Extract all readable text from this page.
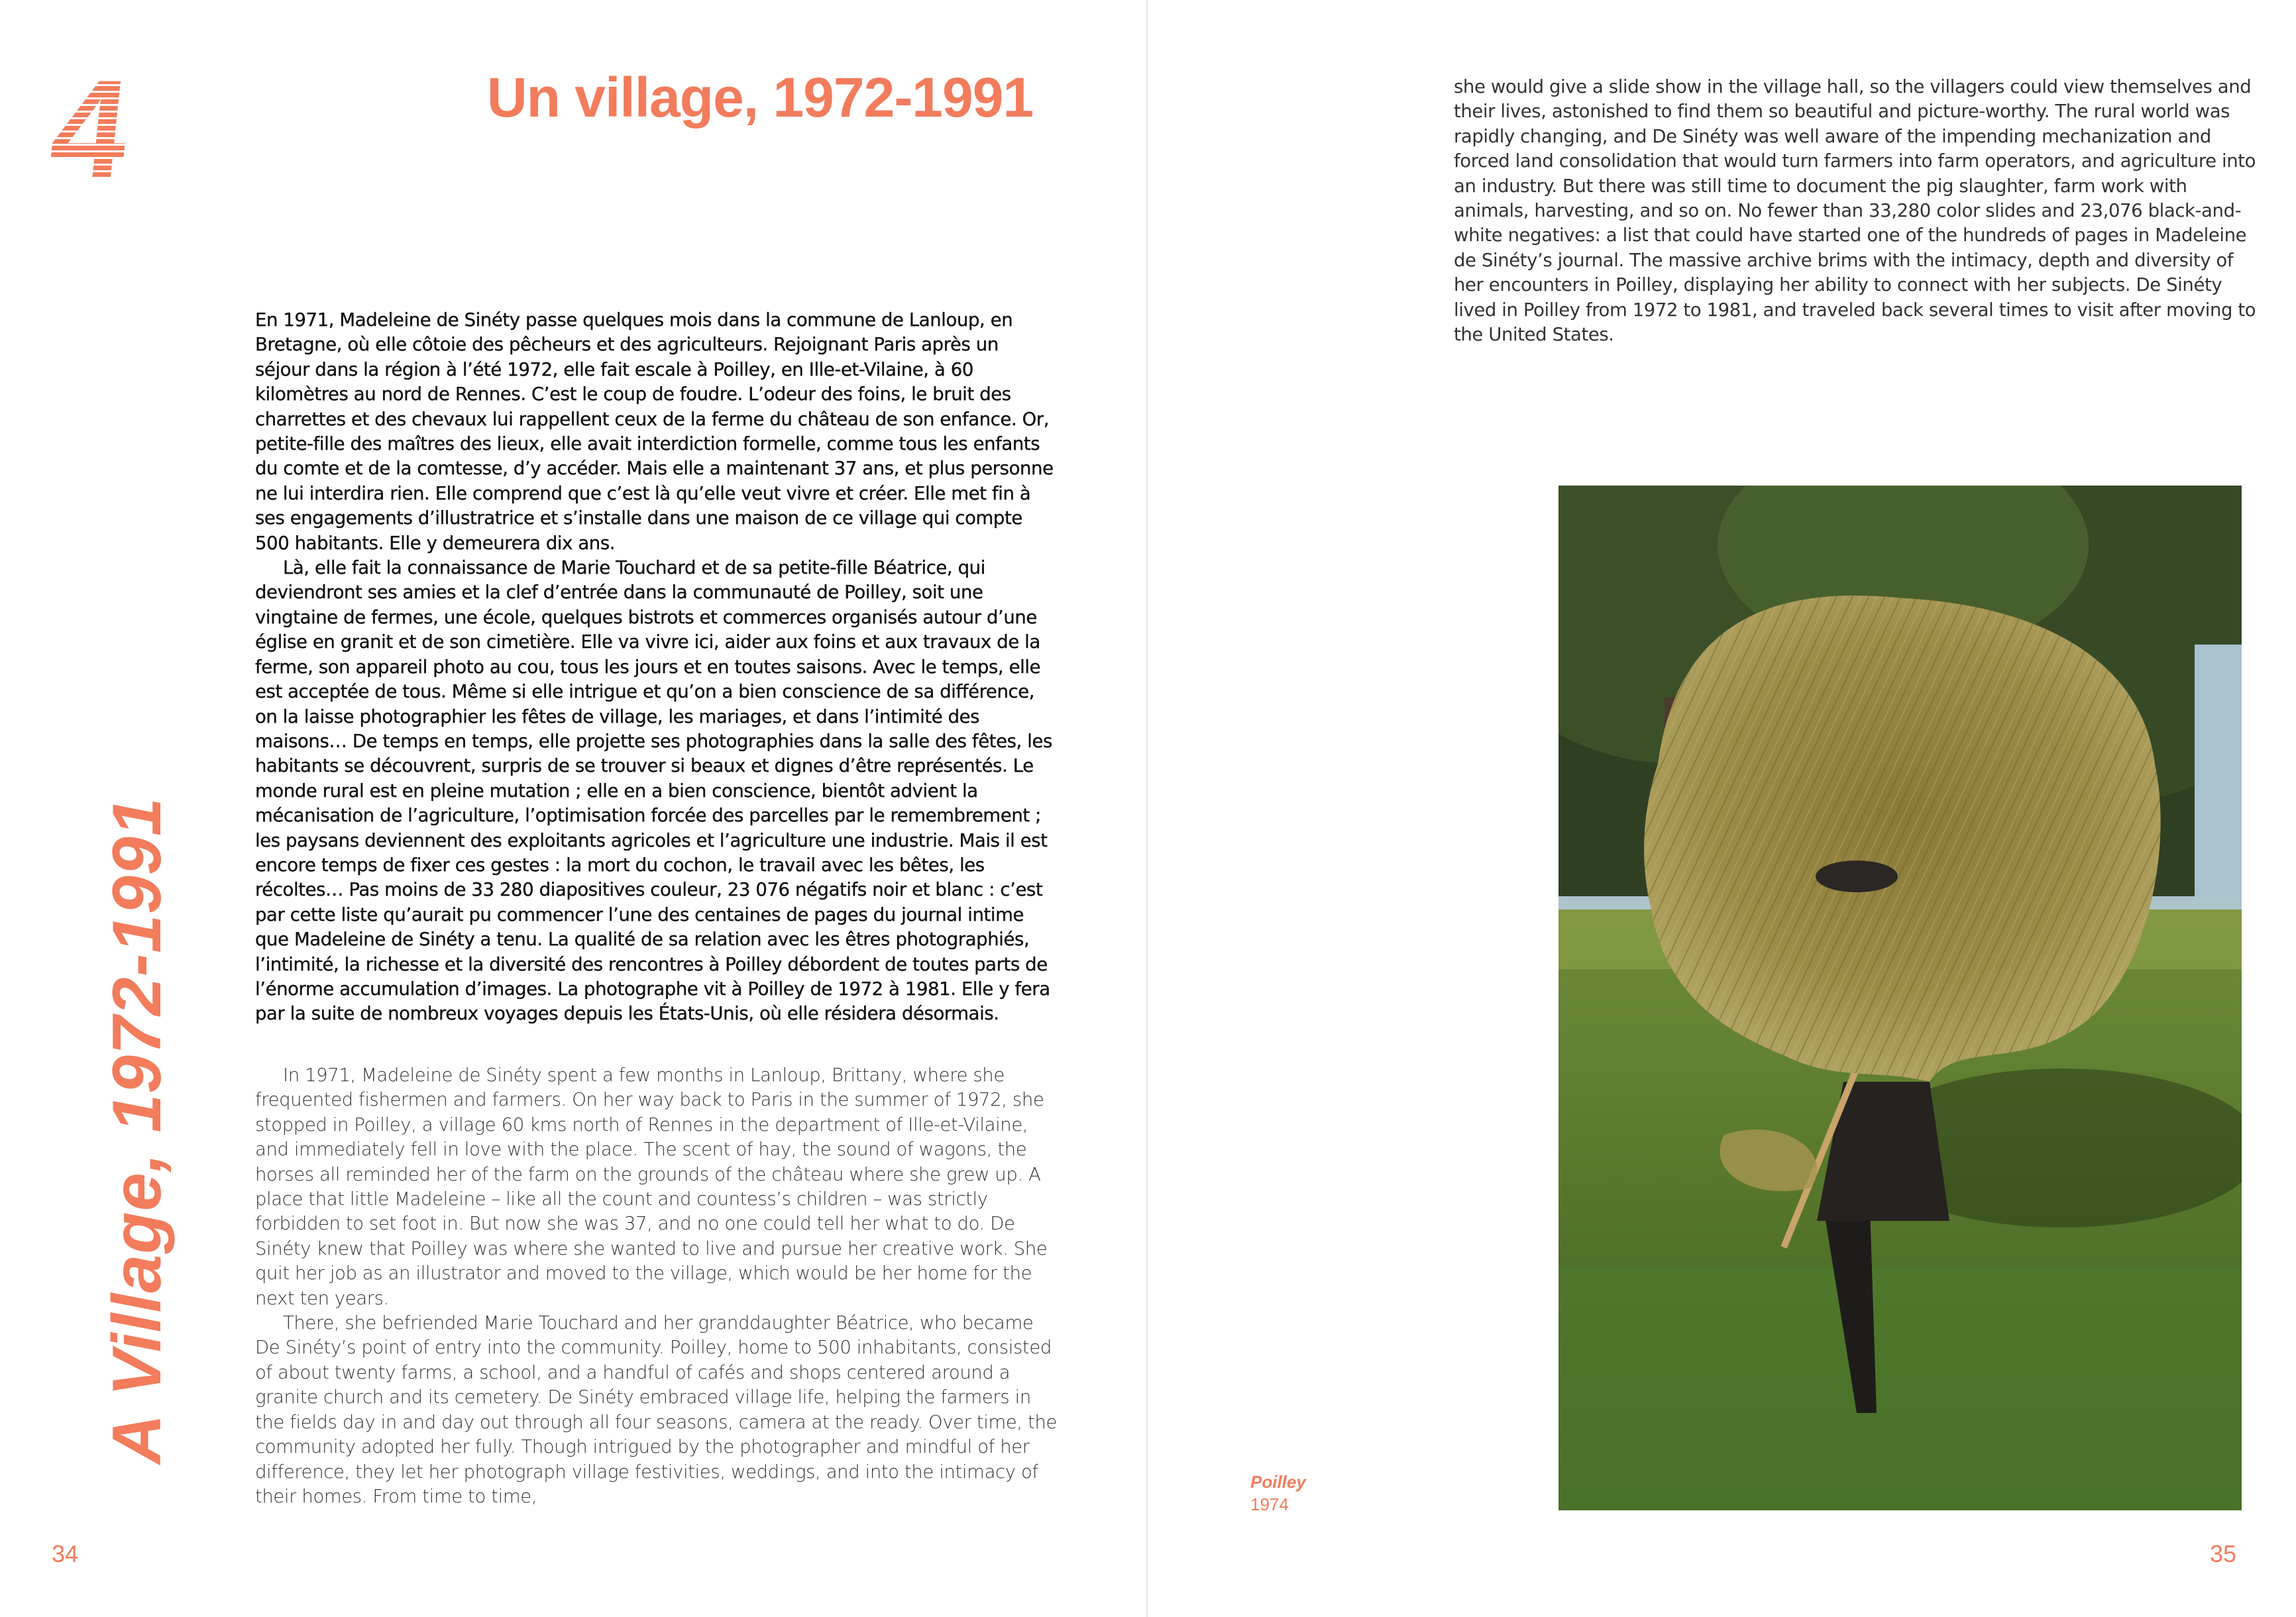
4	Un village, 1972-1991
A Village, 1972-1991

En 1971, Madeleine de Sinéty passe quelques mois dans la commune de Lanloup, en Bretagne, où elle côtoie des pêcheurs et des agriculteurs. Rejoignant Paris après un séjour dans la région à l’été 1972, elle fait escale à Poilley, en Ille-et-Vilaine, à 60 kilomètres au nord de Rennes. C’est le coup de foudre. L’odeur des foins, le bruit des charrettes et des chevaux lui rappellent ceux de la ferme du château de son enfance. Or, petite-fille des maîtres des lieux, elle avait interdiction formelle, comme tous les enfants du comte et de la comtesse, d’y accéder. Mais elle a maintenant 37 ans, et plus personne ne lui interdira rien. Elle comprend que c’est là qu’elle veut vivre et créer. Elle met fin à ses engagements d’illustratrice et s’installe dans une maison de ce village qui compte 500 habitants. Elle y demeurera dix ans.

Là, elle fait la connaissance de Marie Touchard et de sa petite-fille Béatrice, qui deviendront ses amies et la clef d’entrée dans la communauté de Poilley, soit une vingtaine de fermes, une école, quelques bistrots et commerces organisés autour d’une église en granit et de son cimetière. Elle va vivre ici, aider aux foins et aux travaux de la ferme, son appareil photo au cou, tous les jours et en toutes saisons. Avec le temps, elle est acceptée de tous. Même si elle intrigue et qu’on a bien conscience de sa différence, on la laisse photographier les fêtes de village, les mariages, et dans l’intimité des maisons… De temps en temps, elle projette ses photographies dans la salle des fêtes, les habitants se découvrent, surpris de se trouver si beaux et dignes d’être représentés. Le monde rural est en pleine mutation ; elle en a bien conscience, bientôt advient la mécanisation de l’agriculture, l’optimisation forcée des parcelles par le remembrement ; les paysans deviennent des exploitants agricoles et l’agriculture une industrie. Mais il est encore temps de fixer ces gestes : la mort du cochon, le travail avec les bêtes, les récoltes… Pas moins de 33 280 diapositives couleur, 23 076 négatifs noir et blanc : c’est par cette liste qu’aurait pu commencer l’une des centaines de pages du journal intime que Madeleine de Sinéty a tenu. La qualité de sa relation avec les êtres photographiés, l’intimité, la richesse et la diversité des rencontres à Poilley débordent de toutes parts de l’énorme accumulation d’images. La photographe vit à Poilley de 1972 à 1981. Elle y fera par la suite de nombreux voyages depuis les États-Unis, où elle résidera désormais.

In 1971, Madeleine de Sinéty spent a few months in Lanloup, Brittany, where she frequented fishermen and farmers. On her way back to Paris in the summer of 1972, she stopped in Poilley, a village 60 kms north of Rennes in the department of Ille-et-Vilaine, and immediately fell in love with the place. The scent of hay, the sound of wagons, the horses all reminded her of the farm on the grounds of the château where she grew up. A place that little Madeleine – like all the count and countess’s children – was strictly forbidden to set foot in. But now she was 37, and no one could tell her what to do. De Sinéty knew that Poilley was where she wanted to live and pursue her creative work. She quit her job as an illustrator and moved to the village, which would be her home for the next ten years.

There, she befriended Marie Touchard and her granddaughter Béatrice, who became De Sinéty’s point of entry into the community. Poilley, home to 500 inhabitants, consisted of about twenty farms, a school, and a handful of cafés and shops centered around a granite church and its cemetery. De Sinéty embraced village life, helping the farmers in the fields day in and day out through all four seasons, camera at the ready. Over time, the community adopted her fully. Though intrigued by the photographer and mindful of her difference, they let her photograph village festivities, weddings, and into the intimacy of their homes. From time to time,

34

she would give a slide show in the village hall, so the villagers could view themselves and their lives, astonished to find them so beautiful and picture-worthy. The rural world was rapidly changing, and De Sinéty was well aware of the impending mechanization and forced land consolidation that would turn farmers into farm operators, and agriculture into an industry. But there was still time to document the pig slaughter, farm work with animals, harvesting, and so on. No fewer than 33,280 color slides and 23,076 black-and-white negatives: a list that could have started one of the hundreds of pages in Madeleine de Sinéty’s journal. The massive archive brims with the intimacy, depth and diversity of her encounters in Poilley, displaying her ability to connect with her subjects. De Sinéty lived in Poilley from 1972 to 1981, and traveled back several times to visit after moving to the United States.

Poilley
1974
35
